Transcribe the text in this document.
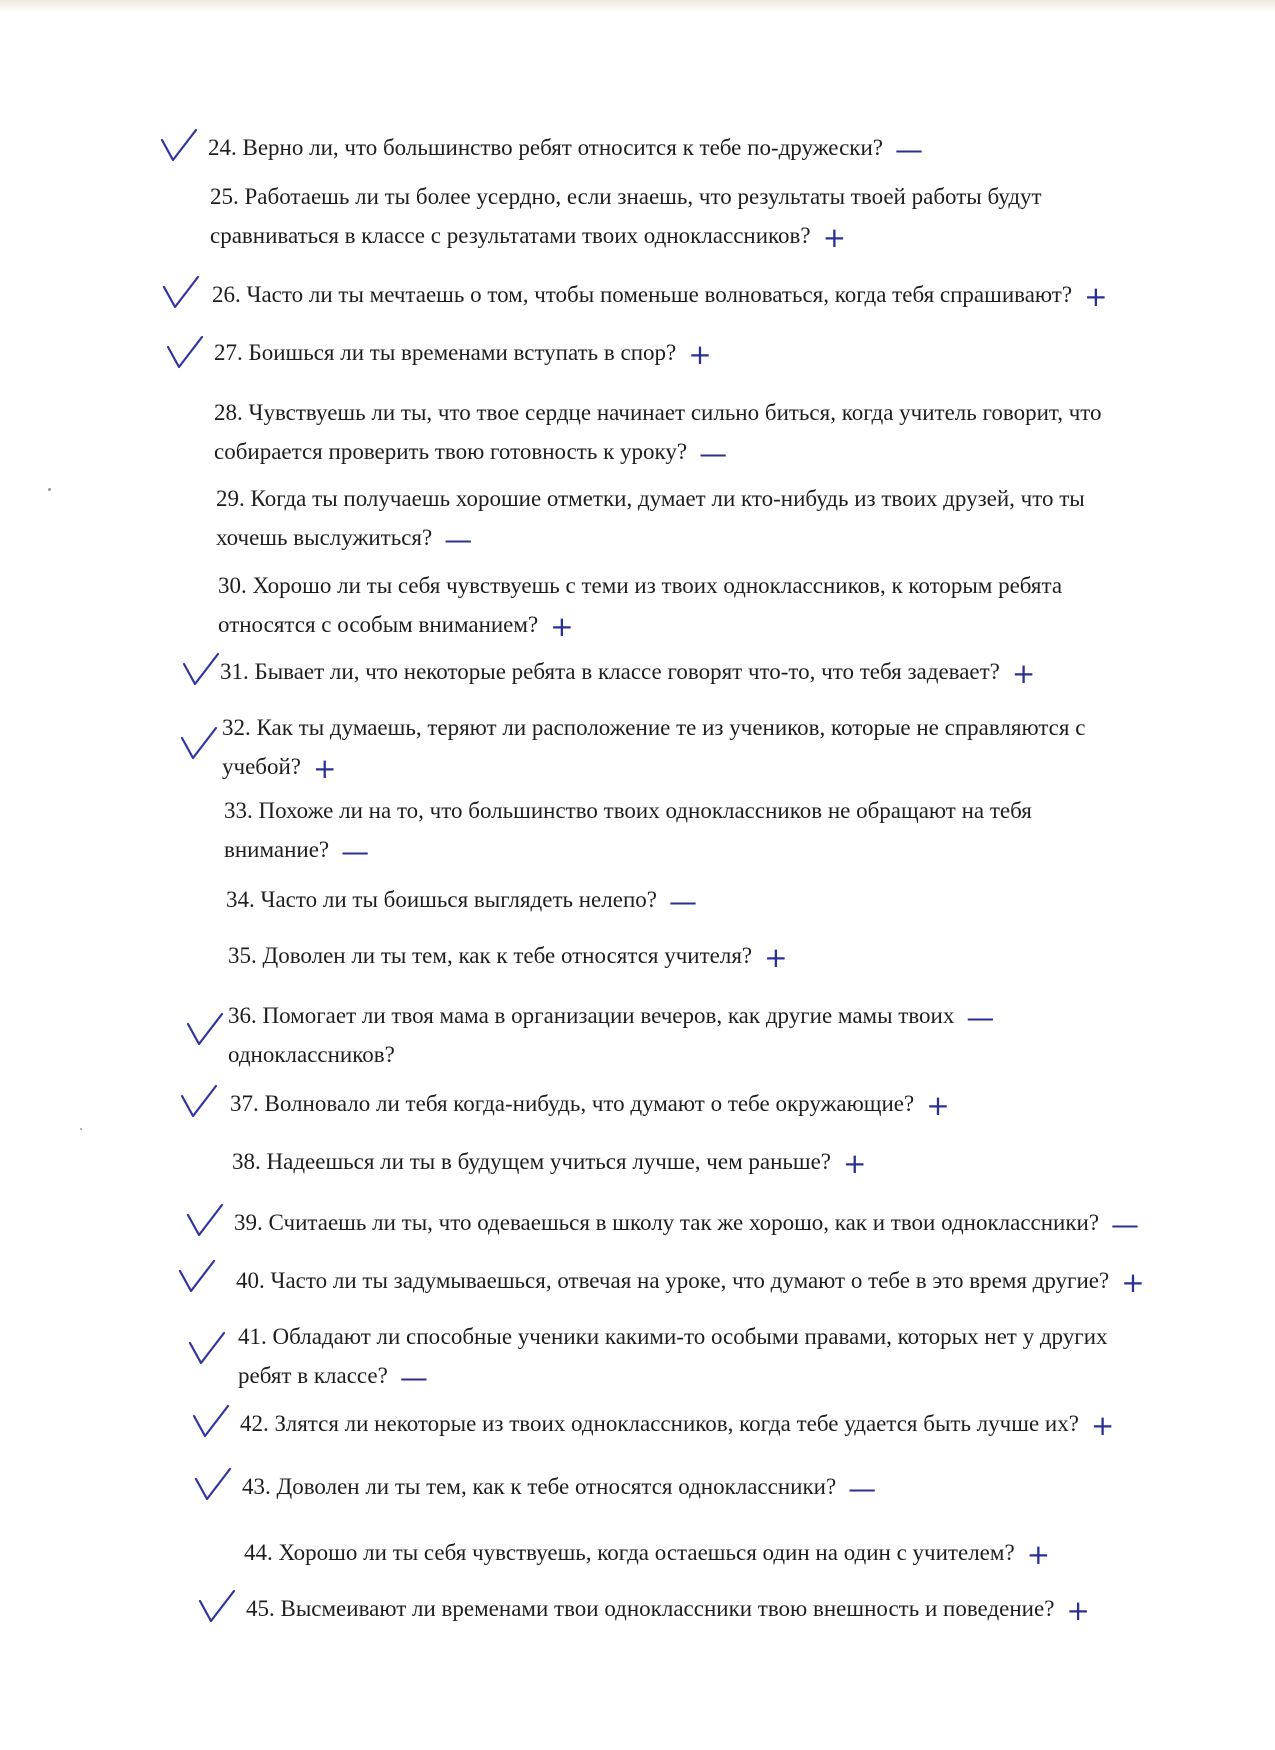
24. Верно ли, что большинство ребят относится к тебе по-дружески? —
25. Работаешь ли ты более усердно, если знаешь, что результаты твоей работы будут
сравниваться в классе с результатами твоих одноклассников? +
26. Часто ли ты мечтаешь о том, чтобы поменьше волноваться, когда тебя спрашивают? +
27. Боишься ли ты временами вступать в спор? +
28. Чувствуешь ли ты, что твое сердце начинает сильно биться, когда учитель говорит, что
собирается проверить твою готовность к уроку? —
29. Когда ты получаешь хорошие отметки, думает ли кто-нибудь из твоих друзей, что ты
хочешь выслужиться? —
30. Хорошо ли ты себя чувствуешь с теми из твоих одноклассников, к которым ребята
относятся с особым вниманием? +
31. Бывает ли, что некоторые ребята в классе говорят что-то, что тебя задевает? +
32. Как ты думаешь, теряют ли расположение те из учеников, которые не справляются с
учебой? +
33. Похоже ли на то, что большинство твоих одноклассников не обращают на тебя
внимание? —
34. Часто ли ты боишься выглядеть нелепо? —
35. Доволен ли ты тем, как к тебе относятся учителя? +
36. Помогает ли твоя мама в организации вечеров, как другие мамы твоих —
одноклассников?
37. Волновало ли тебя когда-нибудь, что думают о тебе окружающие? +
38. Надеешься ли ты в будущем учиться лучше, чем раньше? +
39. Считаешь ли ты, что одеваешься в школу так же хорошо, как и твои одноклассники? —
40. Часто ли ты задумываешься, отвечая на уроке, что думают о тебе в это время другие? +
41. Обладают ли способные ученики какими-то особыми правами, которых нет у других
ребят в классе? —
42. Злятся ли некоторые из твоих одноклассников, когда тебе удается быть лучше их? +
43. Доволен ли ты тем, как к тебе относятся одноклассники? —
44. Хорошо ли ты себя чувствуешь, когда остаешься один на один с учителем? +
45. Высмеивают ли временами твои одноклассники твою внешность и поведение? +
